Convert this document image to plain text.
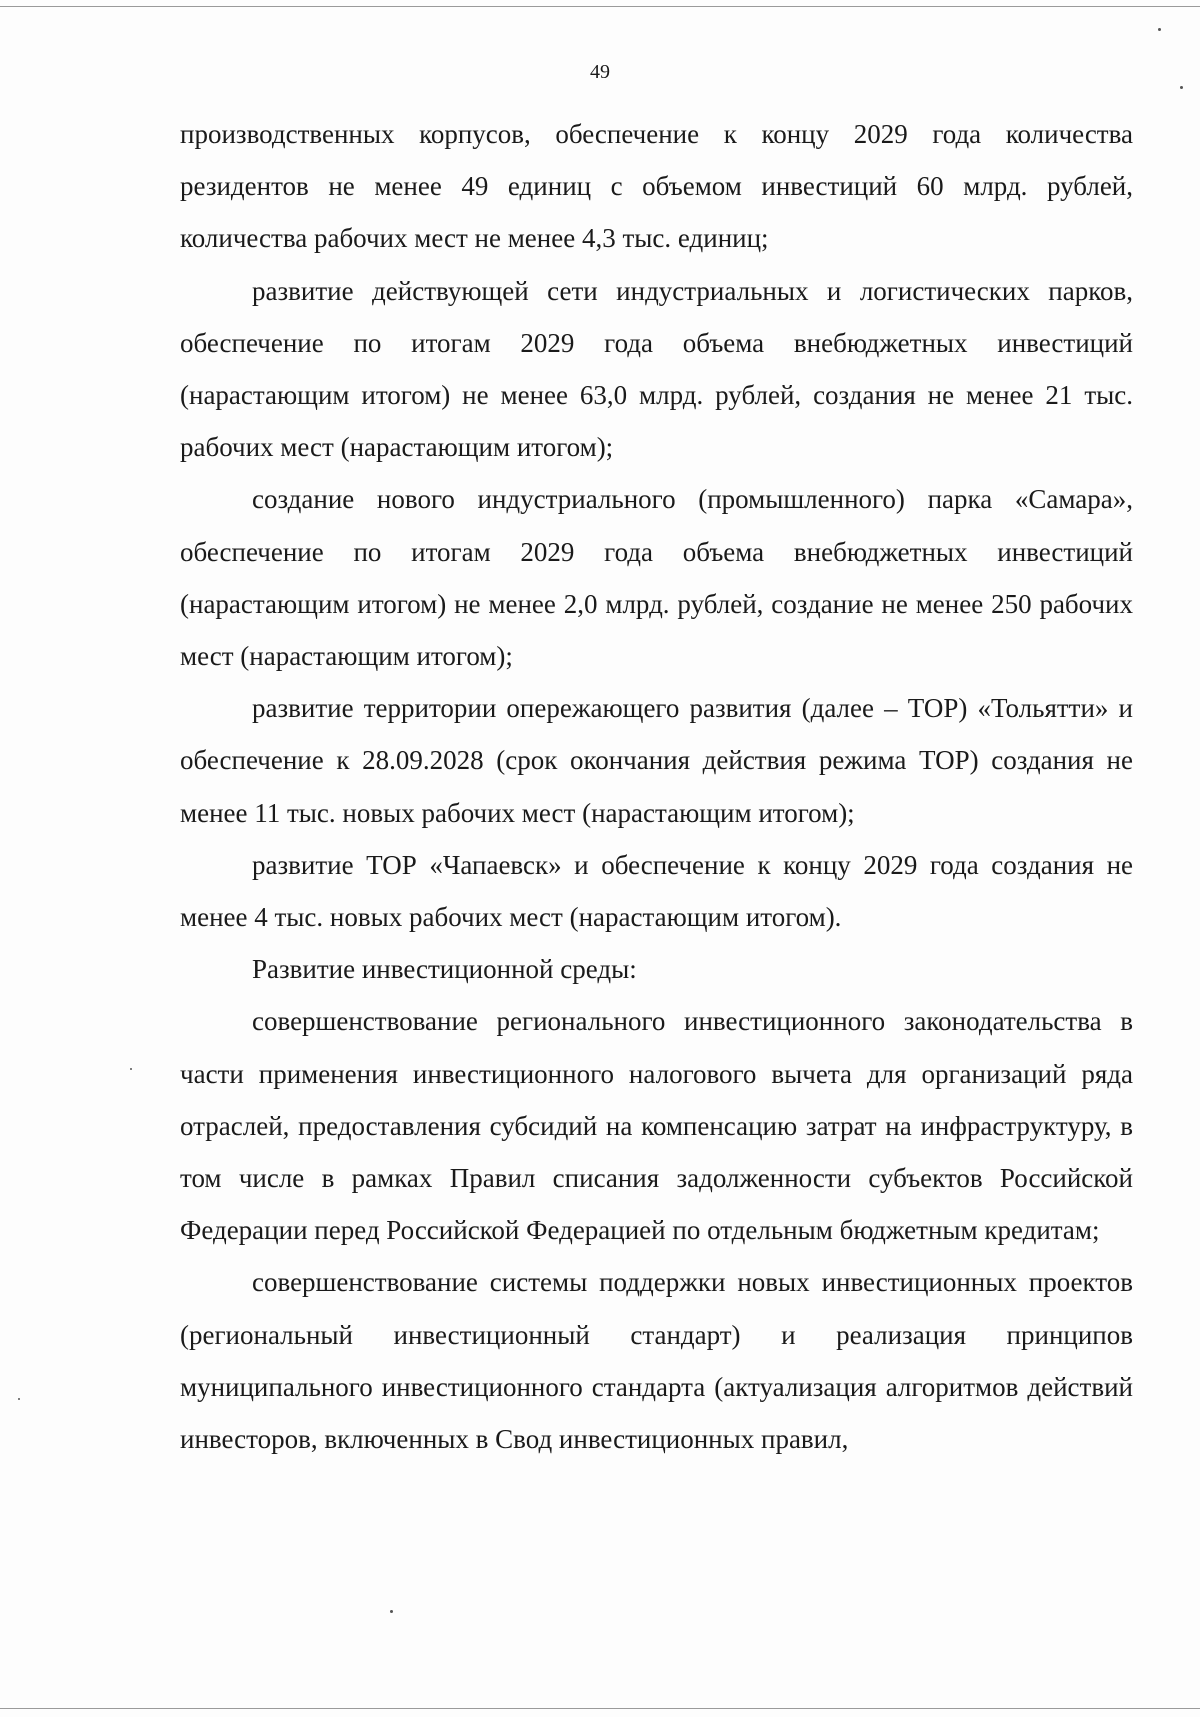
49

производственных корпусов, обеспечение к концу 2029 года количества резидентов не менее 49 единиц с объемом инвестиций 60 млрд. рублей, количества рабочих мест не менее 4,3 тыс. единиц;

развитие действующей сети индустриальных и логистических парков, обеспечение по итогам 2029 года объема внебюджетных инвестиций (нарастающим итогом) не менее 63,0 млрд. рублей, создания не менее 21 тыс. рабочих мест (нарастающим итогом);

создание нового индустриального (промышленного) парка «Самара», обеспечение по итогам 2029 года объема внебюджетных инвестиций (нарастающим итогом) не менее 2,0 млрд. рублей, создание не менее 250 рабочих мест (нарастающим итогом);

развитие территории опережающего развития (далее – ТОР) «Тольятти» и обеспечение к 28.09.2028 (срок окончания действия режима ТОР) создания не менее 11 тыс. новых рабочих мест (нарастающим итогом);

развитие ТОР «Чапаевск» и обеспечение к концу 2029 года создания не менее 4 тыс. новых рабочих мест (нарастающим итогом).

Развитие инвестиционной среды:

совершенствование регионального инвестиционного законодательства в части применения инвестиционного налогового вычета для организаций ряда отраслей, предоставления субсидий на компенсацию затрат на инфраструктуру, в том числе в рамках Правил списания задолженности субъектов Российской Федерации перед Российской Федерацией по отдельным бюджетным кредитам;

совершенствование системы поддержки новых инвестиционных проектов (региональный инвестиционный стандарт) и реализация принципов муниципального инвестиционного стандарта (актуализация алгоритмов действий инвесторов, включенных в Свод инвестиционных правил,
